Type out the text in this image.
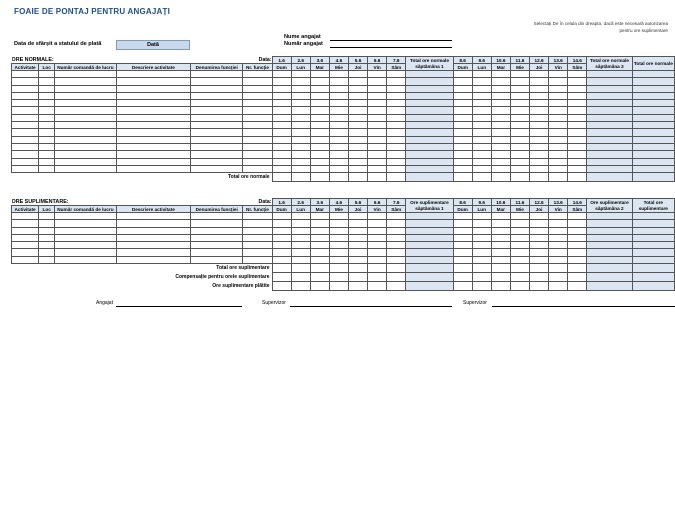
FOAIE DE PONTAJ PENTRU ANGAJAȚI
Selectați De în celula din dreapta, dacă este necesară autorizarea pentru ore suplimentare
Nume angajat
Număr angajat
Data de sfârșit a statului de plată	Dată
ORE NORMALE:					Data:	1.6	2.6	3.6	4.6	5.6	6.6	7.6	Total ore normale săptămâna 1	8.6	9.6	10.6	11.6	12.6	13.6	14.6	Total ore normale săptămâna 2	Total ore normale
Activitate	Loc	Număr comandă de lucru	Descriere activitate	Denumirea funcției	Nr. funcție	Dum	Lun	Mar	Mie	Joi	Vin	Sâm		Dum	Lun	Mar	Mie	Joi	Vin	Sâm		

Total ore normale																						
ORE SUPLIMENTARE:					Data:	1.6	2.6	3.6	4.6	5.6	6.6	7.6	Ore suplimentare săptămâna 1	8.6	9.6	10.6	11.6	12.6	13.6	14.6	Ore suplimentare săptămâna 2	Total ore suplimentare
Activitate	Loc	Număr comandă de lucru	Descriere activitate	Denumirea funcției	Nr. funcție	Dum	Lun	Mar	Mie	Joi	Vin	Sâm		Dum	Lun	Mar	Mie	Joi	Vin	Sâm		

Total ore suplimentare																						
Compensație pentru orele suplimentare																						
Ore suplimentare plătite																						
Angajat	Supervizor	Supervizor
